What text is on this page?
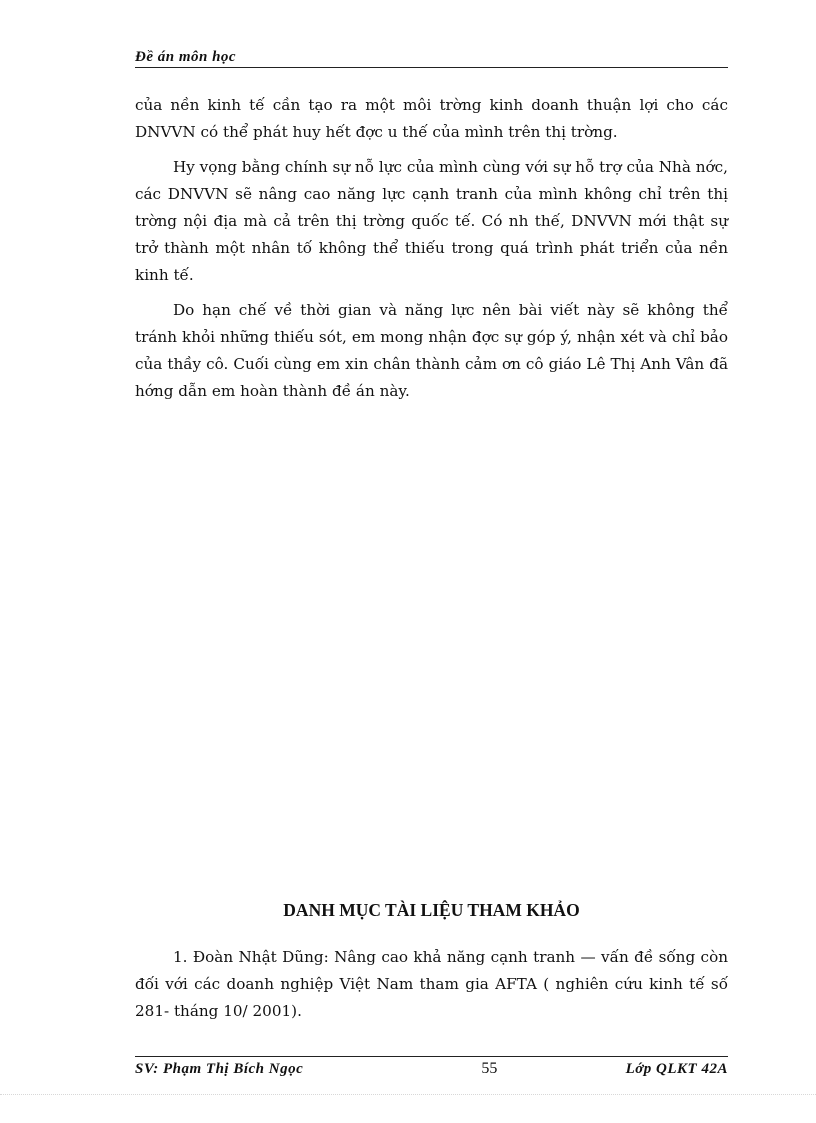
Đề án môn học

của nền kinh tế cần tạo ra một môi trờng kinh doanh thuận lợi cho các DNVVN có thể phát huy hết đợc u thế của mình trên thị trờng.

Hy vọng bằng chính sự nỗ lực của mình cùng với sự hỗ trợ của Nhà nớc, các DNVVN sẽ nâng cao năng lực cạnh tranh của mình không chỉ trên thị trờng nội địa mà cả trên thị trờng quốc tế. Có nh thế, DNVVN mới thật sự trở thành một nhân tố không thể thiếu trong quá trình phát triển của nền kinh tế.

Do hạn chế về thời gian và năng lực nên bài viết này sẽ không thể tránh khỏi những thiếu sót, em mong nhận đợc sự góp ý, nhận xét và chỉ bảo của thầy cô. Cuối cùng em xin chân thành cảm ơn cô giáo Lê Thị Anh Vân đã hớng dẫn em hoàn thành đề án này.

DANH MỤC TÀI LIỆU THAM KHẢO

1. Đoàn Nhật Dũng: Nâng cao khả năng cạnh tranh — vấn đề sống còn đối với các doanh nghiệp Việt Nam tham gia AFTA ( nghiên cứu kinh tế số 281- tháng 10/ 2001).

SV: Phạm Thị Bích Ngọc	55	Lớp QLKT 42A
